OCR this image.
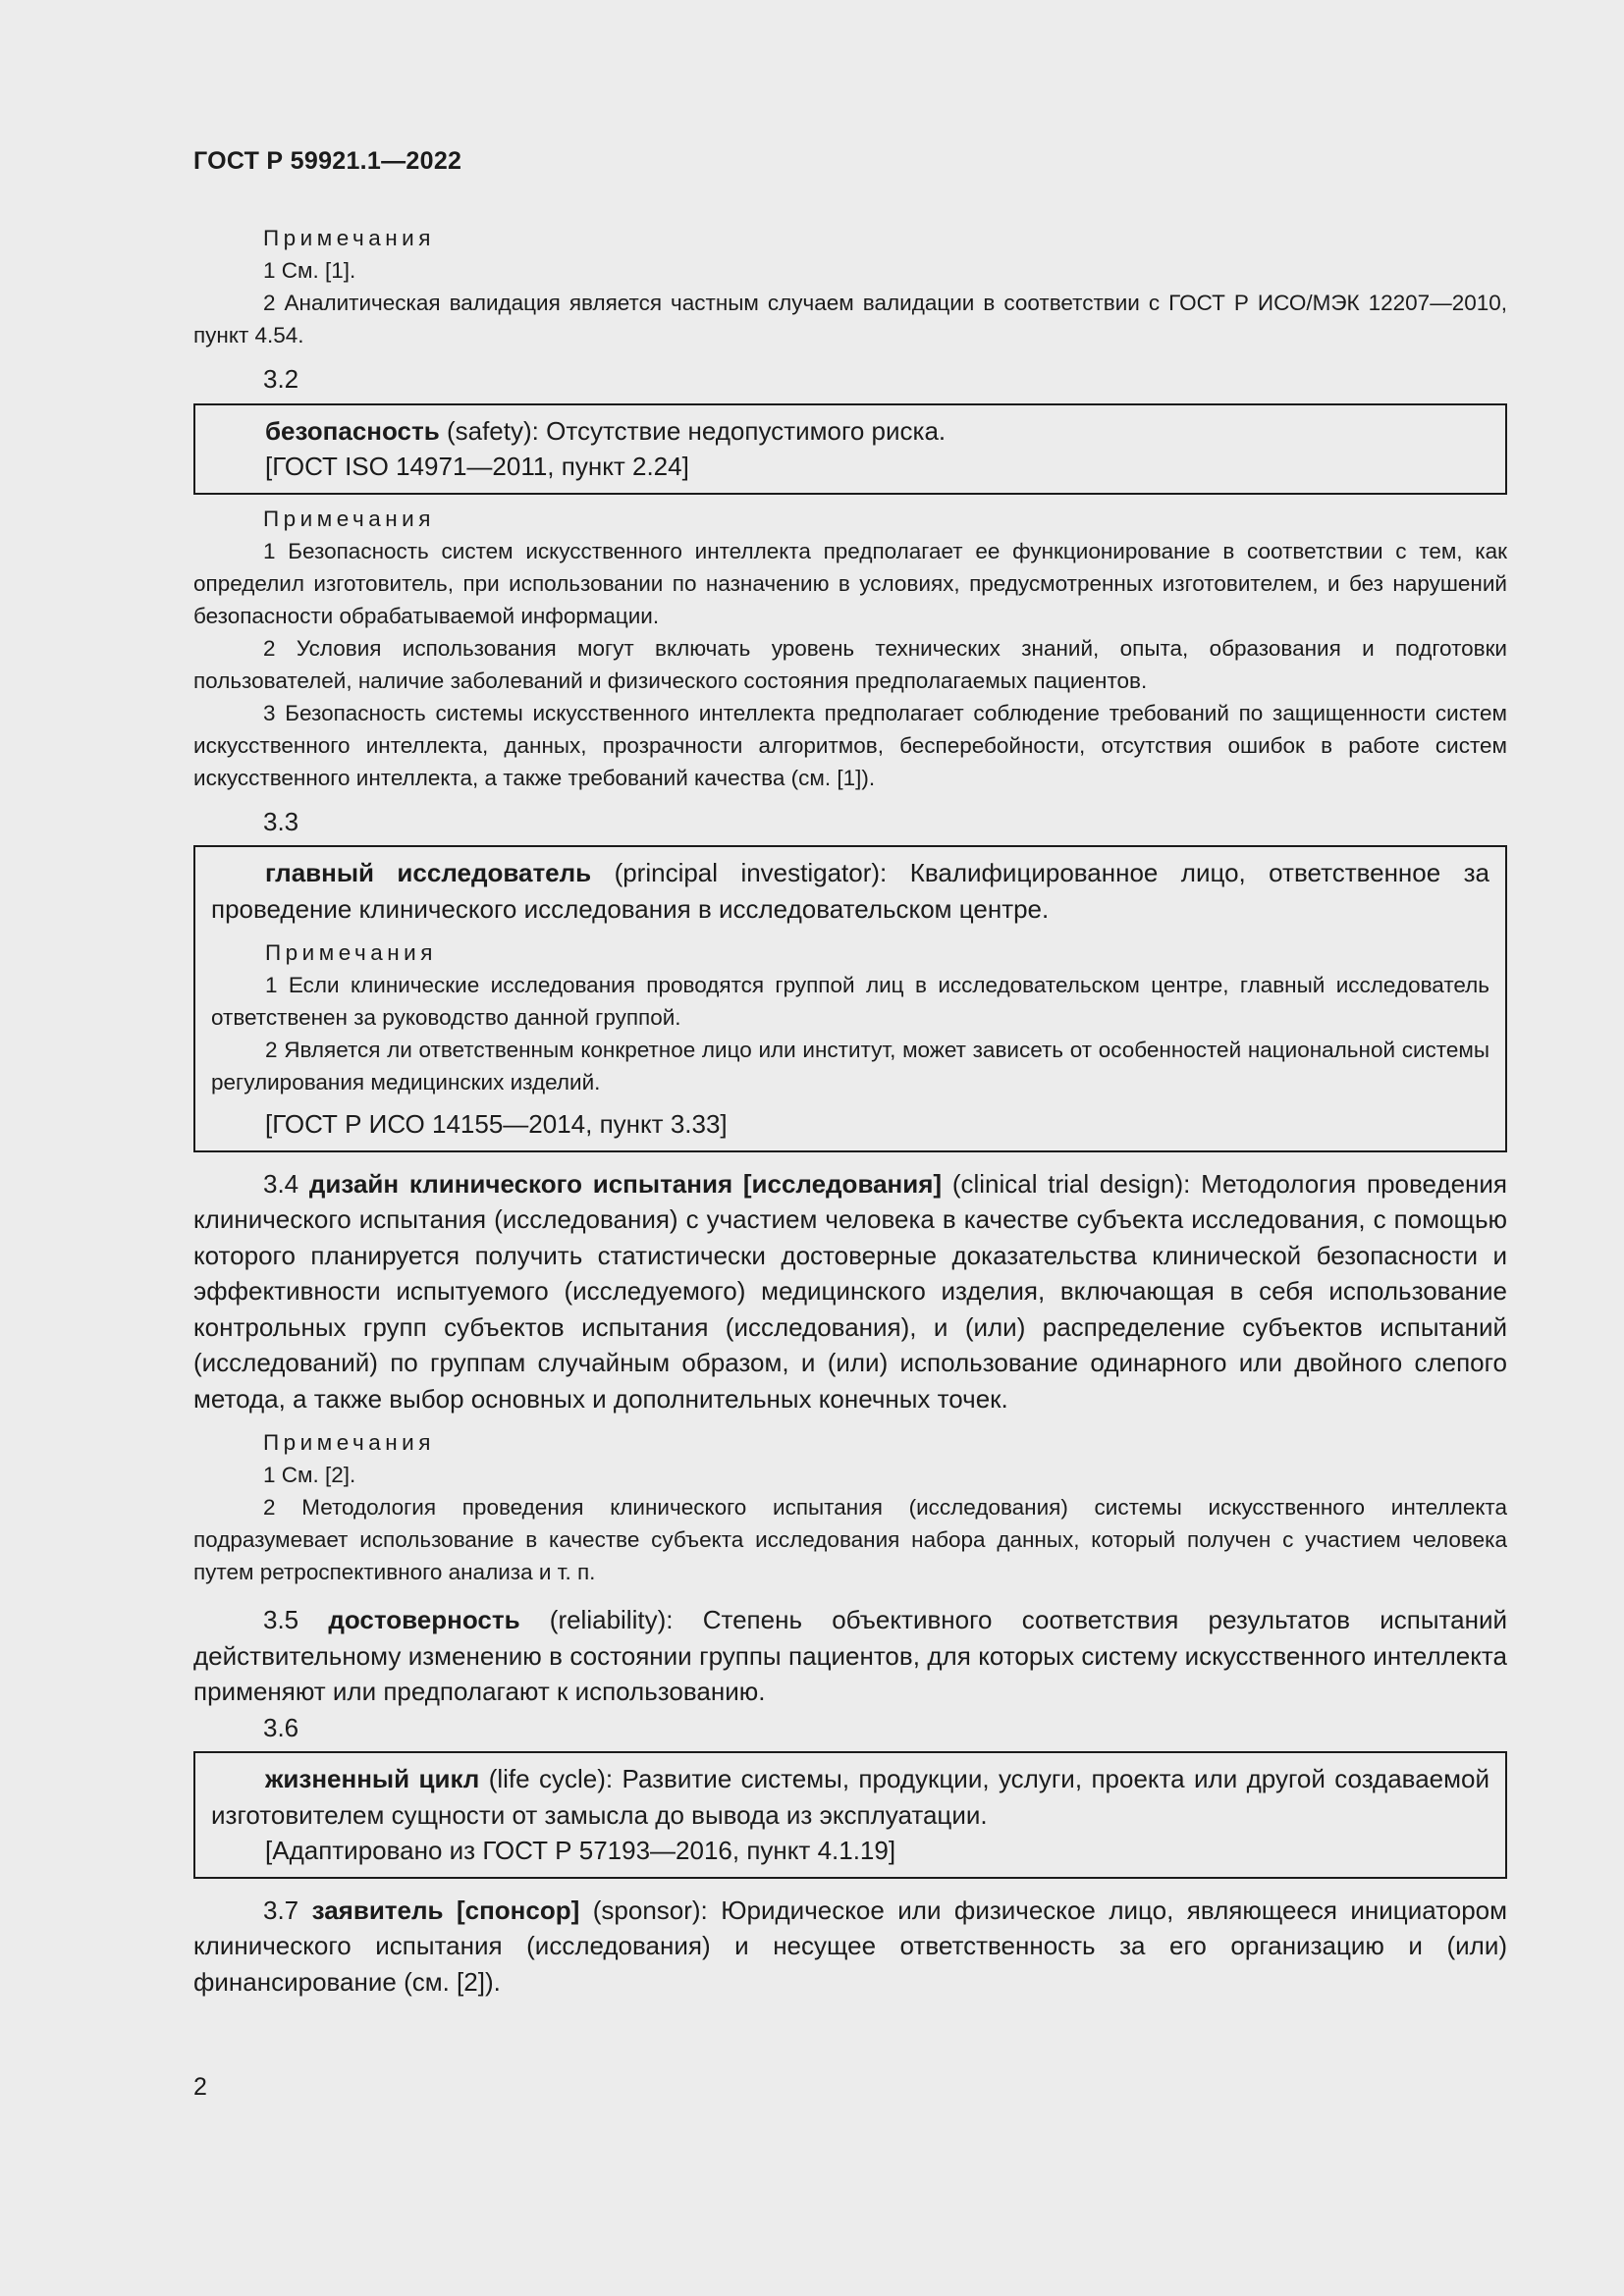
ГОСТ Р 59921.1—2022

Примечания

1 См. [1].

2 Аналитическая валидация является частным случаем валидации в соответствии с ГОСТ Р ИСО/МЭК 12207—2010, пункт 4.54.

3.2

безопасность (safety): Отсутствие недопустимого риска.

[ГОСТ ISO 14971—2011, пункт 2.24]

Примечания

1 Безопасность систем искусственного интеллекта предполагает ее функционирование в соответствии с тем, как определил изготовитель, при использовании по назначению в условиях, предусмотренных изготовителем, и без нарушений безопасности обрабатываемой информации.

2 Условия использования могут включать уровень технических знаний, опыта, образования и подготовки пользователей, наличие заболеваний и физического состояния предполагаемых пациентов.

3 Безопасность системы искусственного интеллекта предполагает соблюдение требований по защищенности систем искусственного интеллекта, данных, прозрачности алгоритмов, бесперебойности, отсутствия ошибок в работе систем искусственного интеллекта, а также требований качества (см. [1]).

3.3

главный исследователь (principal investigator): Квалифицированное лицо, ответственное за проведение клинического исследования в исследовательском центре.

Примечания

1 Если клинические исследования проводятся группой лиц в исследовательском центре, главный исследователь ответственен за руководство данной группой.

2 Является ли ответственным конкретное лицо или институт, может зависеть от особенностей национальной системы регулирования медицинских изделий.

[ГОСТ Р ИСО 14155—2014, пункт 3.33]

3.4 дизайн клинического испытания [исследования] (clinical trial design): Методология проведения клинического испытания (исследования) с участием человека в качестве субъекта исследования, с помощью которого планируется получить статистически достоверные доказательства клинической безопасности и эффективности испытуемого (исследуемого) медицинского изделия, включающая в себя использование контрольных групп субъектов испытания (исследования), и (или) распределение субъектов испытаний (исследований) по группам случайным образом, и (или) использование одинарного или двойного слепого метода, а также выбор основных и дополнительных конечных точек.

Примечания

1 См. [2].

2 Методология проведения клинического испытания (исследования) системы искусственного интеллекта подразумевает использование в качестве субъекта исследования набора данных, который получен с участием человека путем ретроспективного анализа и т. п.

3.5 достоверность (reliability): Степень объективного соответствия результатов испытаний действительному изменению в состоянии группы пациентов, для которых систему искусственного интеллекта применяют или предполагают к использованию.

3.6

жизненный цикл (life cycle): Развитие системы, продукции, услуги, проекта или другой создаваемой изготовителем сущности от замысла до вывода из эксплуатации.

[Адаптировано из ГОСТ Р 57193—2016, пункт 4.1.19]

3.7 заявитель [спонсор] (sponsor): Юридическое или физическое лицо, являющееся инициатором клинического испытания (исследования) и несущее ответственность за его организацию и (или) финансирование (см. [2]).

2
